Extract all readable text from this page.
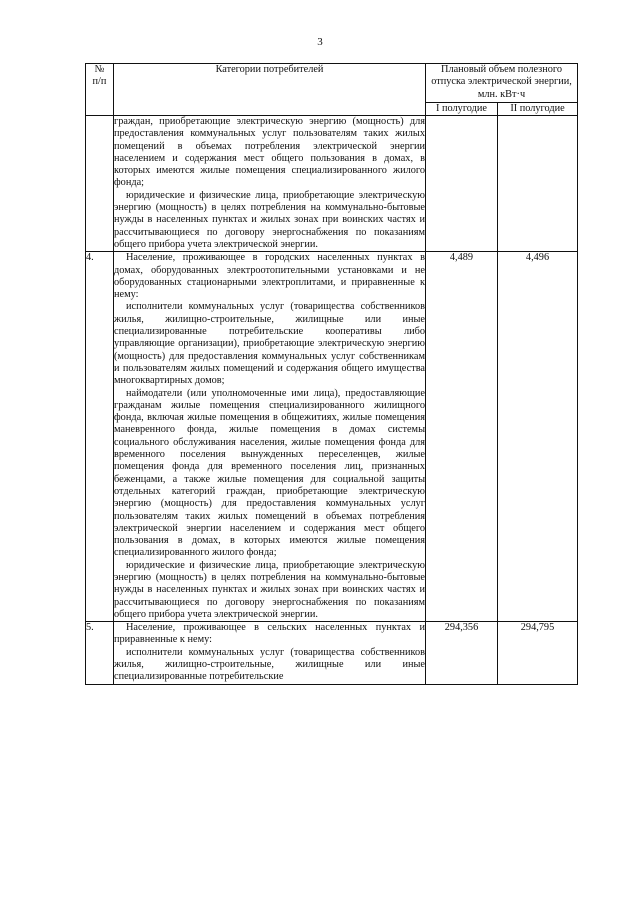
3
№
п/п	Категории потребителей	Плановый объем полезного отпуска электрической энергии, млн. кВт·ч	
		I полугодие	II полугодие

	граждан, приобретающие электрическую энергию (мощность) для предоставления коммунальных услуг пользователям таких жилых помещений в объемах потребления электрической энергии населением и содержания мест общего пользования в домах, в которых имеются жилые помещения специализированного жилого фонда;

юридические и физические лица, приобретающие электрическую энергию (мощность) в целях потребления на коммунально-бытовые нужды в населенных пунктах и жилых зонах при воинских частях и рассчитывающиеся по договору энергоснабжения по показаниям общего прибора учета электрической энергии.		

4.	Население, проживающее в городских населенных пунктах в домах, оборудованных электроотопительными установками и не оборудованных стационарными электроплитами, и приравненные к нему:

исполнители коммунальных услуг (товарищества собственников жилья, жилищно-строительные, жилищные или иные специализированные потребительские кооперативы либо управляющие организации), приобретающие электрическую энергию (мощность) для предоставления коммунальных услуг собственникам и пользователям жилых помещений и содержания общего имущества многоквартирных домов;

наймодатели (или уполномоченные ими лица), предоставляющие гражданам жилые помещения специализированного жилищного фонда, включая жилые помещения в общежитиях, жилые помещения маневренного фонда, жилые помещения в домах системы социального обслуживания населения, жилые помещения фонда для временного поселения вынужденных переселенцев, жилые помещения фонда для временного поселения лиц, признанных беженцами, а также жилые помещения для социальной защиты отдельных категорий граждан, приобретающие электрическую энергию (мощность) для предоставления коммунальных услуг пользователям таких жилых помещений в объемах потребления электрической энергии населением и содержания мест общего пользования в домах, в которых имеются жилые помещения специализированного жилого фонда;

юридические и физические лица, приобретающие электрическую энергию (мощность) в целях потребления на коммунально-бытовые нужды в населенных пунктах и жилых зонах при воинских частях и рассчитывающиеся по договору энергоснабжения по показаниям общего прибора учета электрической энергии.	4,489	4,496
5.	Население, проживающее в сельских населенных пунктах и приравненные к нему:

исполнители коммунальных услуг (товарищества собственников жилья, жилищно-строительные, жилищные или иные специализированные потребительские	294,356	294,795
